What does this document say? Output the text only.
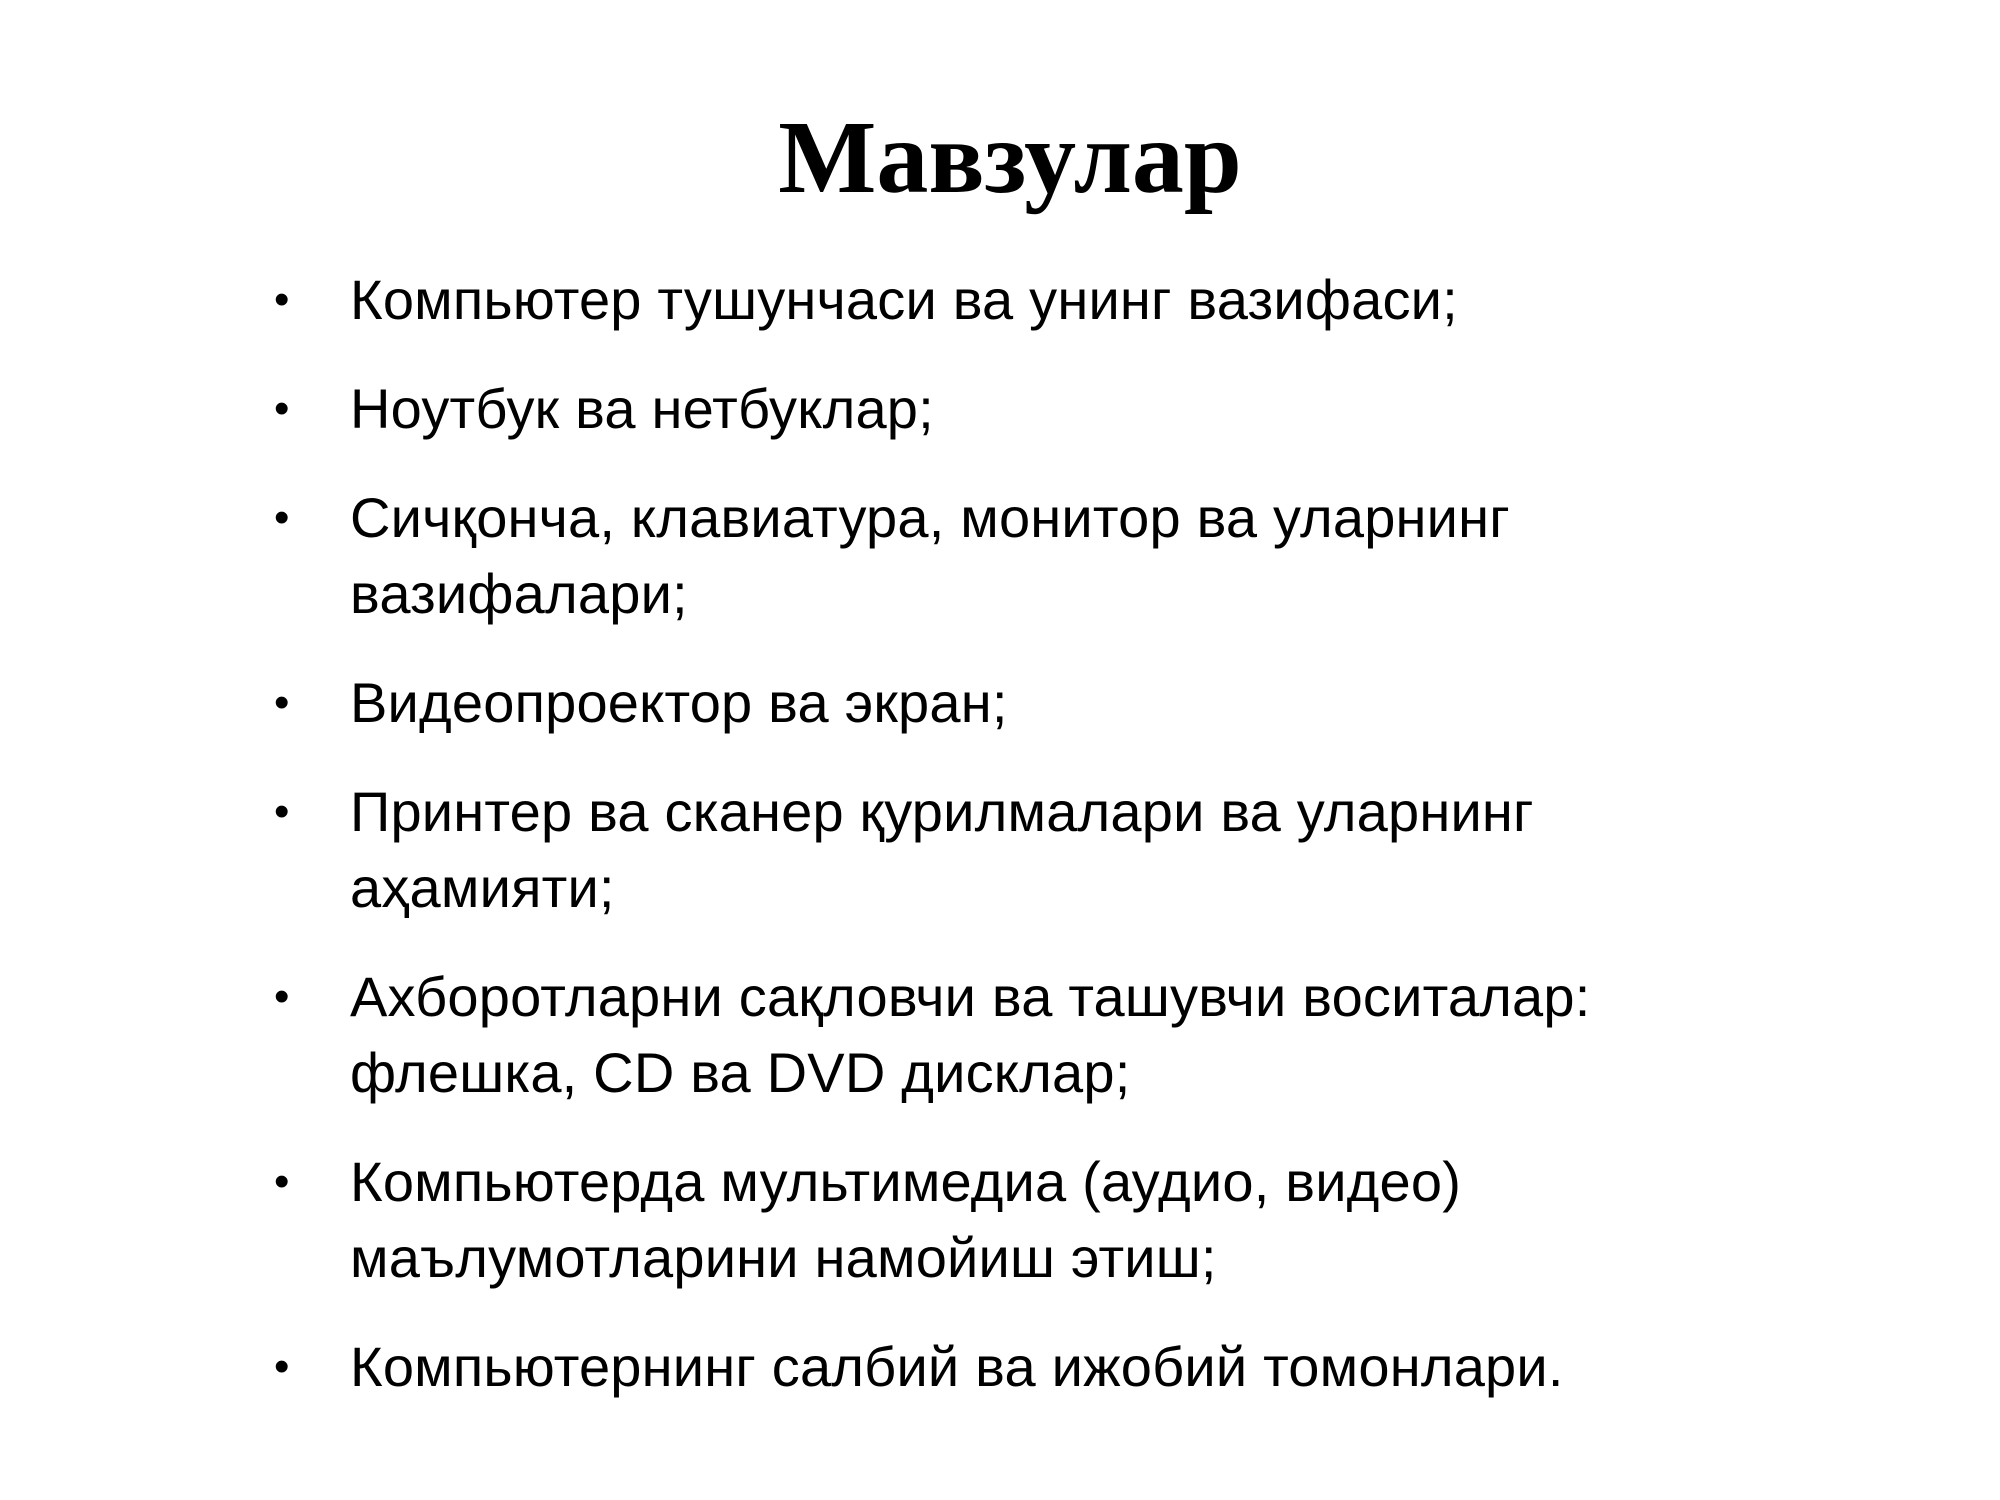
Мавзулар
•	Компьютер тушунчаси ва унинг вазифаси;
•	Ноутбук ва нетбуклар;
•	Сичқонча, клавиатура, монитор ва уларнинг вазифалари;
•	Видеопроектор ва экран;
•	Принтер ва сканер қурилмалари ва уларнинг аҳамияти;
•	Ахборотларни сақловчи ва ташувчи воситалар: флешка, CD ва DVD дисклар;
•	Компьютерда мультимедиа (аудио, видео) маълумотларини намойиш этиш;
•	Компьютернинг салбий ва ижобий томонлари.
